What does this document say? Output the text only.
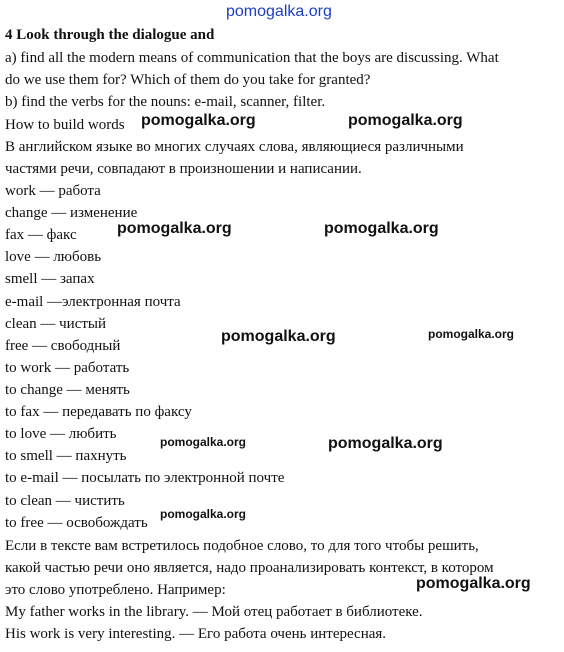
pomogalka.org
4 Look through the dialogue and
a) find all the modern means of communication that the boys are discussing. What
do we use them for? Which of them do you take for granted?
b) find the verbs for the nouns: e-mail, scanner, filter.
How to build words
В английском языке во многих случаях слова, являющиеся различными
частями речи, совпадают в произношении и написании.
work — работа
change — изменение
fax — факс
love — любовь
smell — запах
e-mail —электронная почта
clean — чистый
free — свободный
to work — работать
to change — менять
to fax — передавать по факсу
to love — любить
to smell — пахнуть
to e-mail — посылать по электронной почте
to clean — чистить
to free — освобождать
Если в тексте вам встретилось подобное слово, то для того чтобы решить,
какой частью речи оно является, надо проанализировать контекст, в котором
это слово употреблено. Например:
My father works in the library. — Мой отец работает в библиотеке.
His work is very interesting. — Его работа очень интересная.
pomogalka.org	pomogalka.org
pomogalka.org	pomogalka.org
pomogalka.org	pomogalka.org
pomogalka.org	pomogalka.org
pomogalka.org
pomogalka.org
